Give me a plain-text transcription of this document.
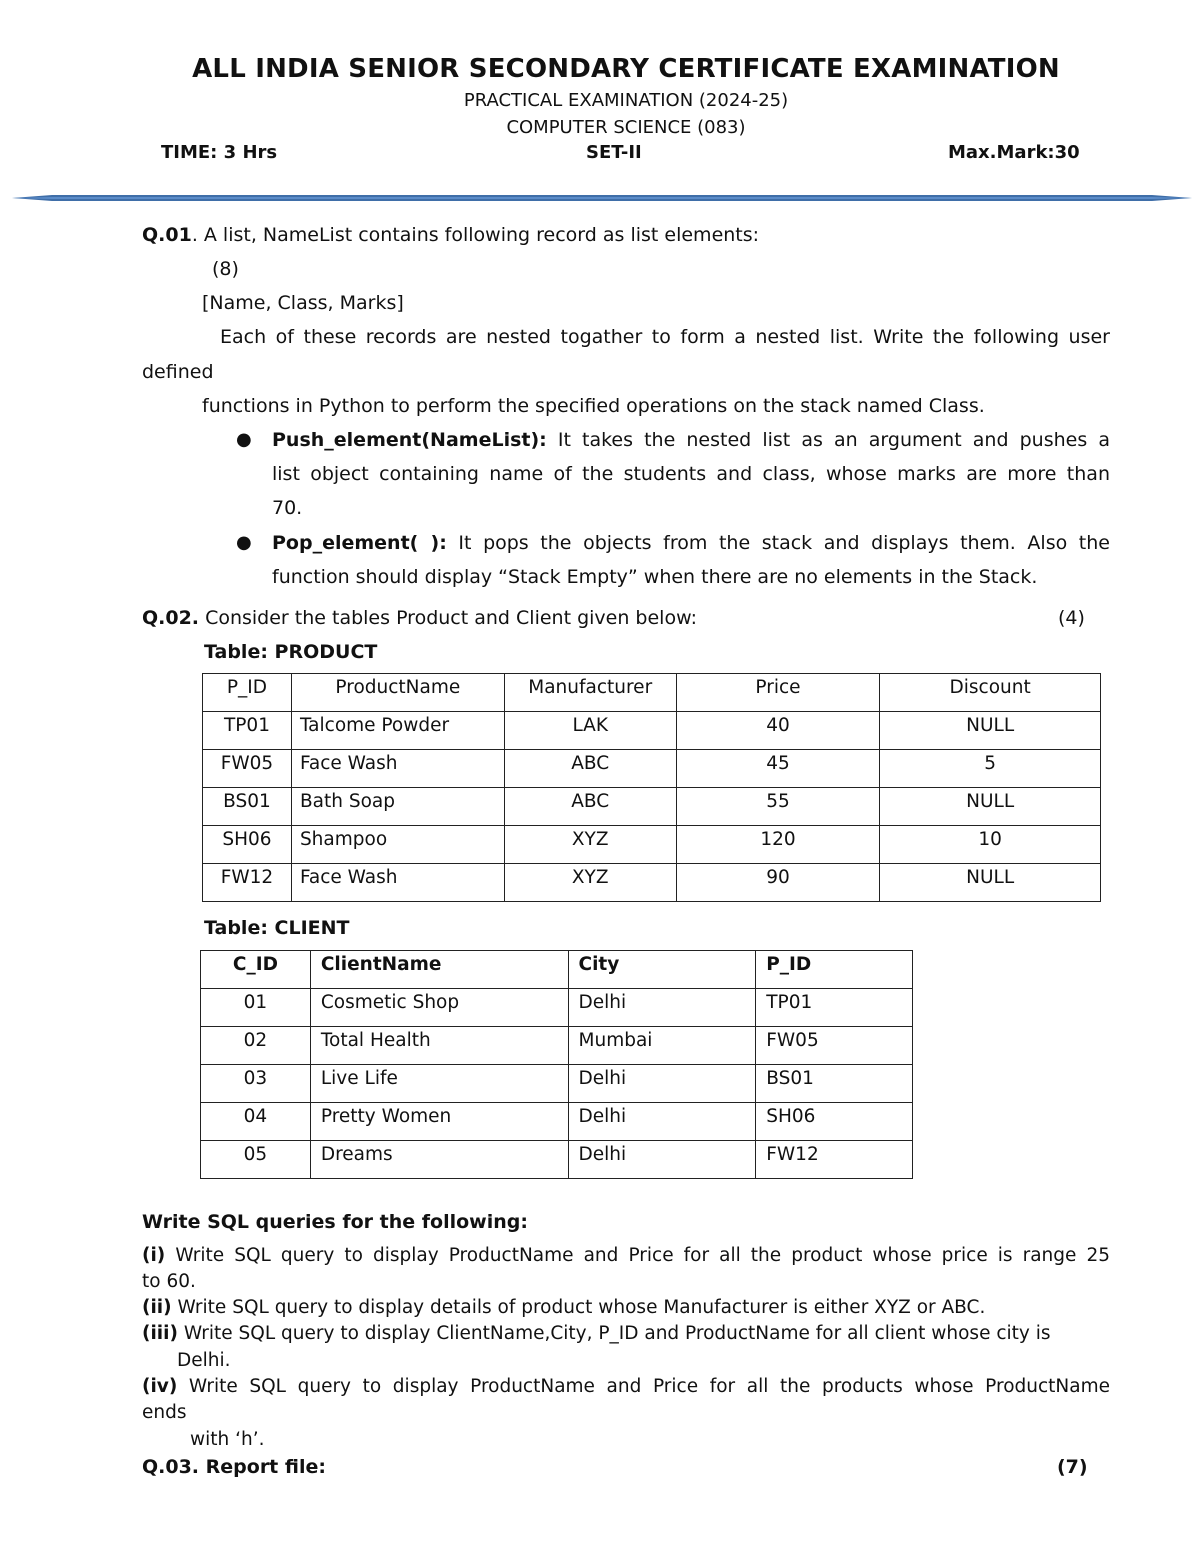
ALL INDIA SENIOR SECONDARY CERTIFICATE EXAMINATION
PRACTICAL EXAMINATION (2024-25)
COMPUTER SCIENCE (083)
TIME: 3 Hrs	SET-II	Max.Mark:30
Q.01. A list, NameList contains following record as list elements:
(8)
[Name, Class, Marks]
Each of these records are nested togather to form a nested list. Write the following user
defined
functions in Python to perform the specified operations on the stack named Class.
● Push_element(NameList): It takes the nested list as an argument and pushes a
list object containing name of the students and class, whose marks are more than
70.
● Pop_element( ): It pops the objects from the stack and displays them. Also the
function should display “Stack Empty” when there are no elements in the Stack.
Q.02. Consider the tables Product and Client given below:	(4)
Table: PRODUCT
P_ID	ProductName	Manufacturer	Price	Discount
TP01	Talcome Powder	LAK	40	NULL
FW05	Face Wash	ABC	45	5
BS01	Bath Soap	ABC	55	NULL
SH06	Shampoo	XYZ	120	10
FW12	Face Wash	XYZ	90	NULL
Table: CLIENT
C_ID	ClientName	City	P_ID
01	Cosmetic Shop	Delhi	TP01
02	Total Health	Mumbai	FW05
03	Live Life	Delhi	BS01
04	Pretty Women	Delhi	SH06
05	Dreams	Delhi	FW12
Write SQL queries for the following:
(i) Write SQL query to display ProductName and Price for all the product whose price is range 25
to 60.
(ii) Write SQL query to display details of product whose Manufacturer is either XYZ or ABC.
(iii) Write SQL query to display ClientName,City, P_ID and ProductName for all client whose city is
Delhi.
(iv) Write SQL query to display ProductName and Price for all the products whose ProductName
ends
with ‘h’.
Q.03. Report file:	(7)
